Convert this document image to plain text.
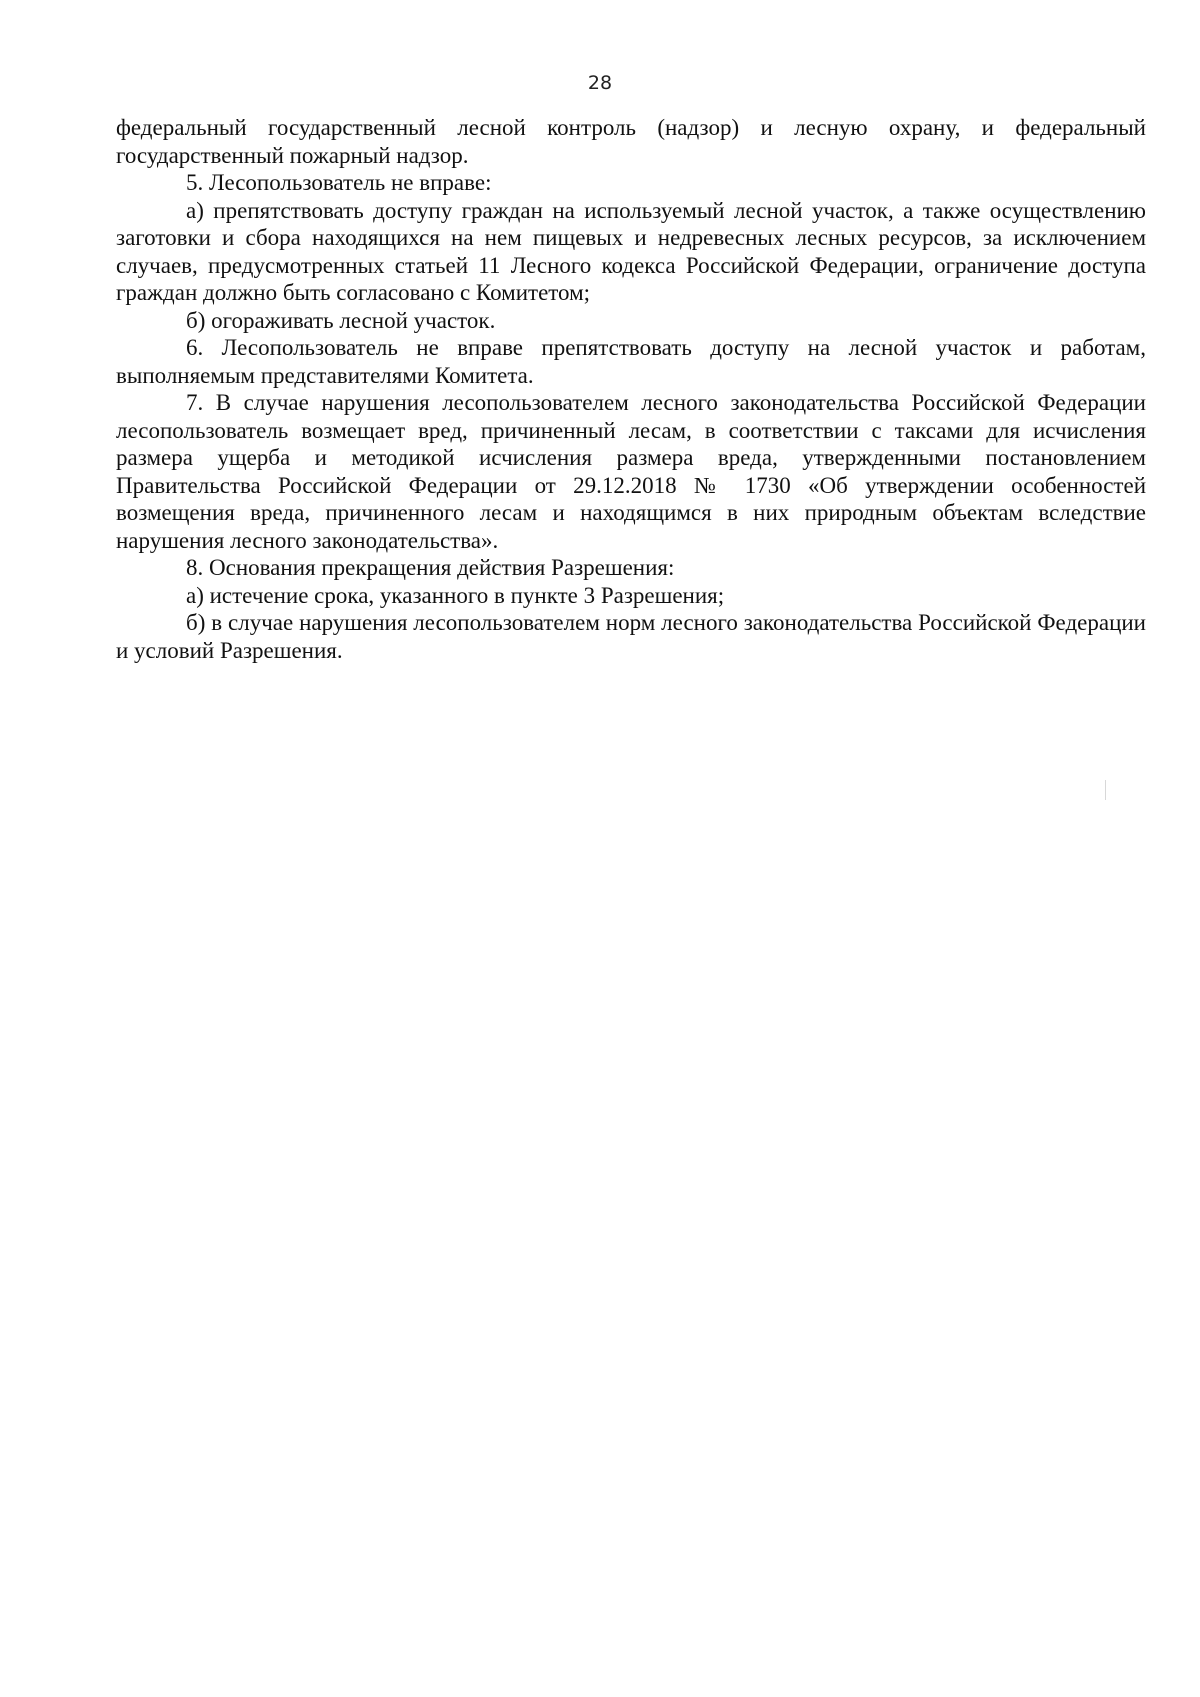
28

федеральный государственный лесной контроль (надзор) и лесную охрану, и федеральный государственный пожарный надзор.

5. Лесопользователь не вправе:

а) препятствовать доступу граждан на используемый лесной участок, а также осуществлению заготовки и сбора находящихся на нем пищевых и недревесных лесных ресурсов, за исключением случаев, предусмотренных статьей 11 Лесного кодекса Российской Федерации, ограничение доступа граждан должно быть согласовано с Комитетом;

б) огораживать лесной участок.

6. Лесопользователь не вправе препятствовать доступу на лесной участок и работам, выполняемым представителями Комитета.

7. В случае нарушения лесопользователем лесного законодательства Российской Федерации лесопользователь возмещает вред, причиненный лесам, в соответствии с таксами для исчисления размера ущерба и методикой исчисления размера вреда, утвержденными постановлением Правительства Российской Федерации от 29.12.2018 № 1730 «Об утверждении особенностей возмещения вреда, причиненного лесам и находящимся в них природным объектам вследствие нарушения лесного законодательства».

8. Основания прекращения действия Разрешения:

а) истечение срока, указанного в пункте 3 Разрешения;

б) в случае нарушения лесопользователем норм лесного законодательства Российской Федерации и условий Разрешения.
